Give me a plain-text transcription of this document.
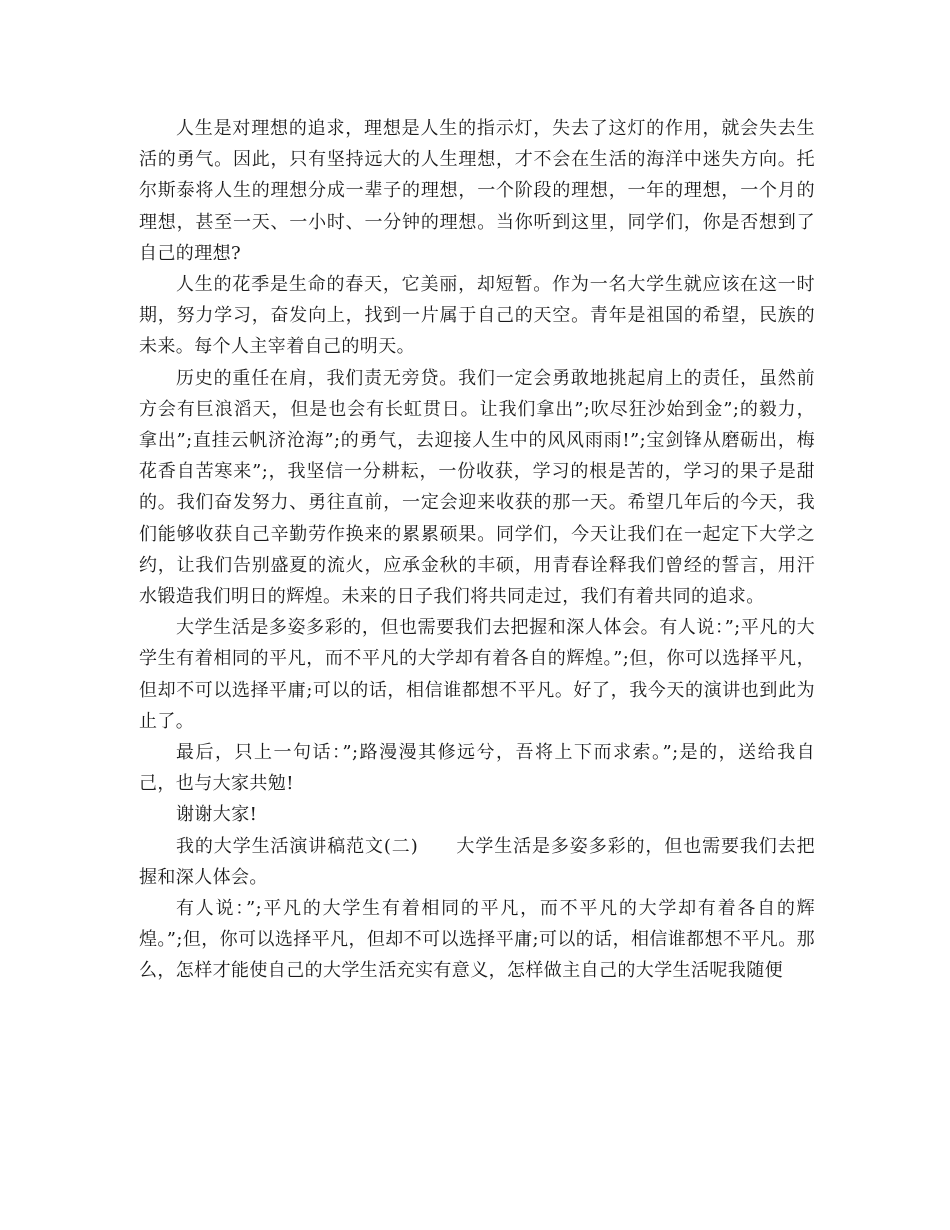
人生是对理想的追求，理想是人生的指示灯，失去了这灯的作用，就会失去生活的勇气。因此，只有坚持远大的人生理想，才不会在生活的海洋中迷失方向。托尔斯泰将人生的理想分成一辈子的理想，一个阶段的理想，一年的理想，一个月的理想，甚至一天、一小时、一分钟的理想。当你听到这里，同学们，你是否想到了自己的理想?

人生的花季是生命的春天，它美丽，却短暂。作为一名大学生就应该在这一时期，努力学习，奋发向上，找到一片属于自己的天空。青年是祖国的希望，民族的未来。每个人主宰着自己的明天。

历史的重任在肩，我们责无旁贷。我们一定会勇敢地挑起肩上的责任，虽然前方会有巨浪滔天，但是也会有长虹贯日。让我们拿出”;吹尽狂沙始到金”;的毅力，拿出”;直挂云帆济沧海”;的勇气，去迎接人生中的风风雨雨!”;宝剑锋从磨砺出，梅花香自苦寒来”;，我坚信一分耕耘，一份收获，学习的根是苦的，学习的果子是甜的。我们奋发努力、勇往直前，一定会迎来收获的那一天。希望几年后的今天，我们能够收获自己辛勤劳作换来的累累硕果。同学们，今天让我们在一起定下大学之约，让我们告别盛夏的流火，应承金秋的丰硕，用青春诠释我们曾经的誓言，用汗水锻造我们明日的辉煌。未来的日子我们将共同走过，我们有着共同的追求。

大学生活是多姿多彩的，但也需要我们去把握和深人体会。有人说：”;平凡的大学生有着相同的平凡，而不平凡的大学却有着各自的辉煌。”;但，你可以选择平凡，但却不可以选择平庸;可以的话，相信谁都想不平凡。好了，我今天的演讲也到此为止了。

最后，只上一句话：”;路漫漫其修远兮，吾将上下而求索。”;是的，送给我自己，也与大家共勉!

谢谢大家!

我的大学生活演讲稿范文(二)　　大学生活是多姿多彩的，但也需要我们去把握和深人体会。

有人说：”;平凡的大学生有着相同的平凡，而不平凡的大学却有着各自的辉煌。”;但，你可以选择平凡，但却不可以选择平庸;可以的话，相信谁都想不平凡。那么，怎样才能使自己的大学生活充实有意义，怎样做主自己的大学生活呢我随便
